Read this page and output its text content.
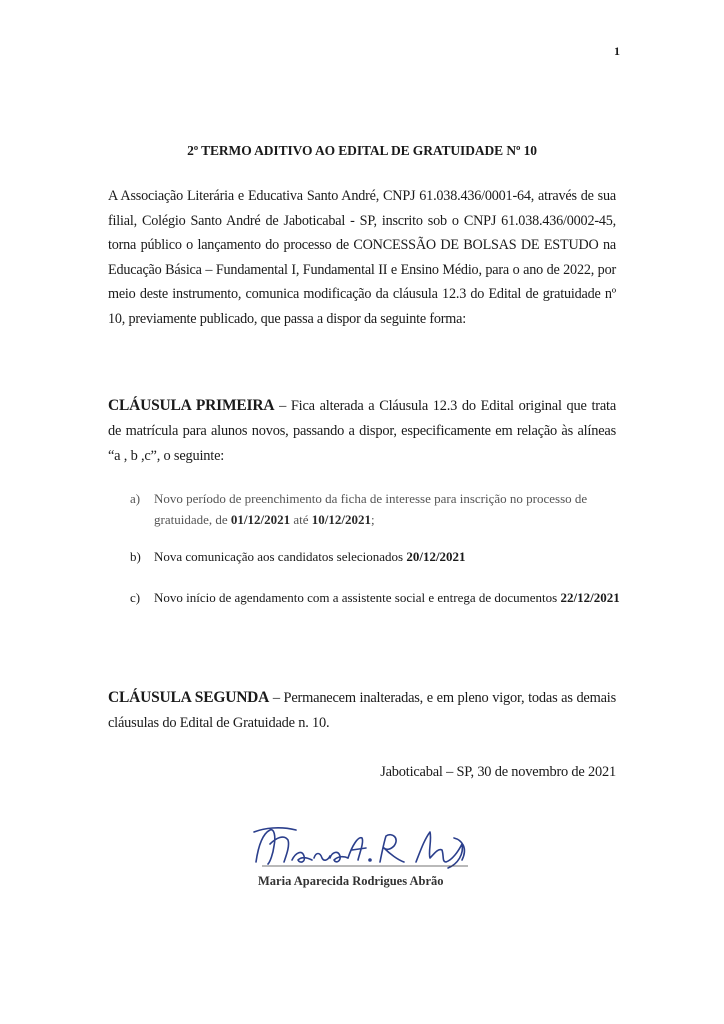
1
2º TERMO ADITIVO AO EDITAL DE GRATUIDADE Nº 10

A Associação Literária e Educativa Santo André, CNPJ 61.038.436/0001-64, através de sua filial, Colégio Santo André de Jaboticabal - SP, inscrito sob o CNPJ 61.038.436/0002-45, torna público o lançamento do processo de CONCESSÃO DE BOLSAS DE ESTUDO na Educação Básica – Fundamental I, Fundamental II e Ensino Médio, para o ano de 2022, por meio deste instrumento, comunica modificação da cláusula 12.3 do Edital de gratuidade nº 10, previamente publicado, que passa a dispor da seguinte forma:

CLÁUSULA PRIMEIRA – Fica alterada a Cláusula 12.3 do Edital original que trata de matrícula para alunos novos, passando a dispor, especificamente em relação às alíneas “a , b ,c”, o seguinte:

a) Novo período de preenchimento da ficha de interesse para inscrição no processo de gratuidade, de 01/12/2021 até 10/12/2021;
b) Nova comunicação aos candidatos selecionados 20/12/2021
c) Novo início de agendamento com a assistente social e entrega de documentos 22/12/2021

CLÁUSULA SEGUNDA – Permanecem inalteradas, e em pleno vigor, todas as demais cláusulas do Edital de Gratuidade n. 10.

Jaboticabal – SP, 30 de novembro de 2021
Maria Aparecida Rodrigues Abrão
